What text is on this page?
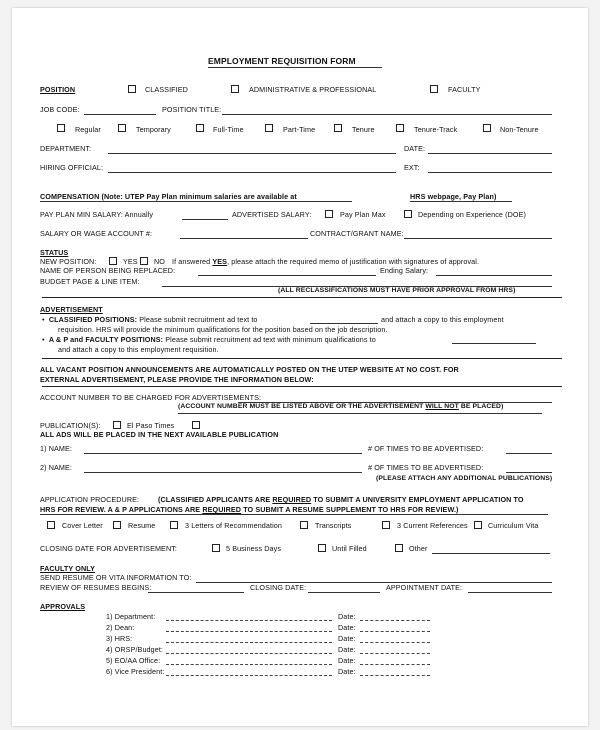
EMPLOYMENT REQUISITION FORM
POSITION	CLASSIFIED	ADMINISTRATIVE & PROFESSIONAL	FACULTY
JOB CODE:	POSITION TITLE:
Regular	Temporary	Full-Time	Part-Time	Tenure	Tenure-Track	Non-Tenure
DEPARTMENT:	DATE:
HIRING OFFICIAL:	EXT:
COMPENSATION (Note: UTEP Pay Plan minimum salaries are available at	HRS webpage, Pay Plan)
PAY PLAN MIN SALARY: Annually	ADVERTISED SALARY:	Pay Plan Max	Depending on Experience (DOE)
SALARY OR WAGE ACCOUNT #:	CONTRACT/GRANT NAME:
STATUS
NEW POSITION:	YES NO If answered YES, please attach the required memo of justification with signatures of approval.
NAME OF PERSON BEING REPLACED:	Ending Salary:
BUDGET PAGE & LINE ITEM:
(ALL RECLASSIFICATIONS MUST HAVE PRIOR APPROVAL FROM HRS)
ADVERTISEMENT
•  CLASSIFIED POSITIONS: Please submit recruitment ad text to	and attach a copy to this employment
requisition. HRS will provide the minimum qualifications for the position based on the job description.
•  A & P and FACULTY POSITIONS: Please submit recruitment ad text with minimum qualifications to
and attach a copy to this employment requisition.
ALL VACANT POSITION ANNOUNCEMENTS ARE AUTOMATICALLY POSTED ON THE UTEP WEBSITE AT NO COST. FOR
EXTERNAL ADVERTISEMENT, PLEASE PROVIDE THE INFORMATION BELOW:
ACCOUNT NUMBER TO BE CHARGED FOR ADVERTISEMENTS:
(ACCOUNT NUMBER MUST BE LISTED ABOVE OR THE ADVERTISEMENT WILL NOT BE PLACED)
PUBLICATION(S):	El Paso Times
ALL ADS WILL BE PLACED IN THE NEXT AVAILABLE PUBLICATION
1) NAME:	# OF TIMES TO BE ADVERTISED:
2) NAME:	# OF TIMES TO BE ADVERTISED:
(PLEASE ATTACH ANY ADDITIONAL PUBLICATIONS)
APPLICATION PROCEDURE:	(CLASSIFIED APPLICANTS ARE REQUIRED TO SUBMIT A UNIVERSITY EMPLOYMENT APPLICATION TO
HRS FOR REVIEW. A & P APPLICATIONS ARE REQUIRED TO SUBMIT A RESUME SUPPLEMENT TO HRS FOR REVIEW.)
Cover Letter	Resume	3 Letters of Recommendation	Transcripts	3 Current References	Curriculum Vita
CLOSING DATE FOR ADVERTISEMENT:	5 Business Days	Until Filled	Other
FACULTY ONLY
SEND RESUME OR VITA INFORMATION TO:
REVIEW OF RESUMES BEGINS:	CLOSING DATE:	APPOINTMENT DATE:
APPROVALS
1) Department:	Date:
2) Dean:	Date:
3) HRS:	Date:
4) ORSP/Budget:	Date:
5) EO/AA Office:	Date:
6) Vice President:	Date:
